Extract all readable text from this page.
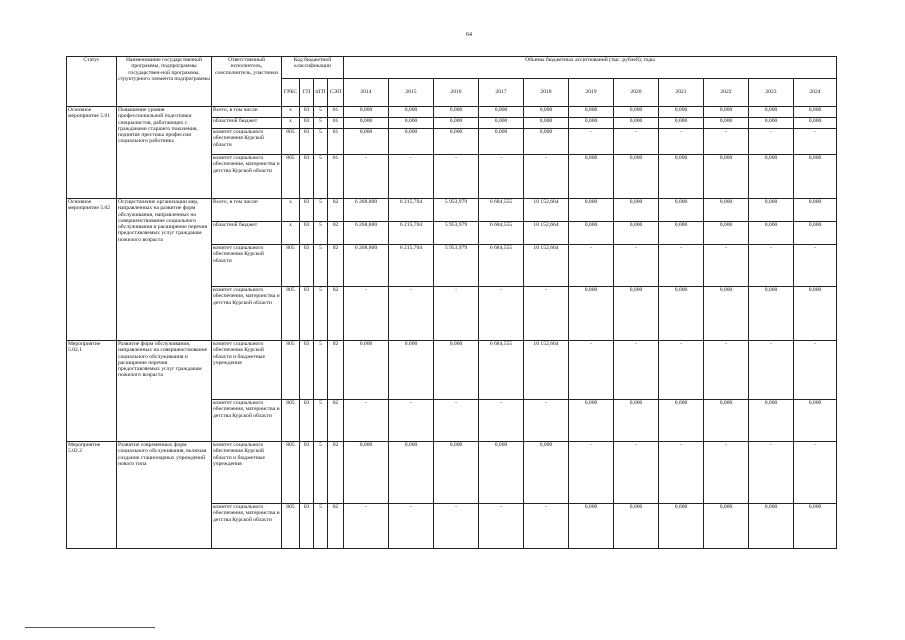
64
Статус	Наименование государственной программы, подпрограммы государствен-ной программы, структурного элемента подпрограммы	Ответственный исполнитель, соисполнитель, участники	Код бюджетной классификации				Объемы бюджетных ассигнований (тыс. рублей), годы										
			ГРБС	ГП	пГП	СЭП	2014	2015	2016	2017	2018	2019	2020	2021	2022	2023	2024
Основное мероприятие 5.01	Повышение уровня профессиональной подготовки специалистов, работающих с гражданами старшего поколения, поднятие престижа профессии социального работника	Всего, в том числе:	x	03	5	01	0,000	0,000	0,000	0,000	0,000	0,000	0,000	0,000	0,000	0,000	0,000
		областной бюджет	x	03	5	01	0,000	0,000	0,000	0,000	0,000	0,000	0,000	0,000	0,000	0,000	0,000
		комитет социального обеспечения Курской области	805	03	5	01	0,000	0,000	0,000	0,000	0,000	-	-	-	-	-	-
		комитет социального обеспечения, материнства и детства Курской области	805	03	5	01	-	-	-	-	-	0,000	0,000	0,000	0,000	0,000	0,000
Основное мероприятие 5.02	Осуществление организации мер, направленных на развитие форм обслуживания, направленных на совершенствование социального обслуживания и расширение перечня предоставляемых услуг гражданам пожилого возраста	Всего, в том числе:	x	03	5	02	6 268,800	6 215,704	5 953,979	6 684,555	10 152,664	0,000	0,000	0,000	0,000	0,000	0,000
		областной бюджет	x	03	5	02	6 268,800	6 215,704	5 953,979	6 684,555	10 152,664	0,000	0,000	0,000	0,000	0,000	0,000
		комитет социального обеспечения Курской области	805	03	5	02	6 268,800	6 215,704	5 953,979	6 684,555	10 152,664	-	-	-	-	-	-
		комитет социального обеспечения, материнства и детства Курской области	805	03	5	02	-	-	-	-	-	0,000	0,000	0,000	0,000	0,000	0,000
Мероприятие 5.02.1	Развитие форм обслуживания, направленных на совершенствование социального обслуживания и расширение перечня предоставляемых услуг гражданам пожилого возраста	комитет социального обеспечения Курской области и бюджетные учреждения	805	03	5	02	0,000	0,000	0,000	6 684,555	10 152,664	-	-	-	-	-	-
		комитет социального обеспечения, материнства и детства Курской области	805	03	5	02	-	-	-	-	-	0,000	0,000	0,000	0,000	0,000	0,000
Мероприятие 5.02.2	Развитие современных форм социального обслуживания, включая создание стационарных учреждений нового типа	комитет социального обеспечения Курской области и бюджетные учреждения	805	03	5	02	0,000	0,000	0,000	0,000	0,000	-	-	-	-	-	-
		комитет социального обеспечения, материнства и детства Курской области	805	03	5	02	-	-	-	-	-	0,000	0,000	0,000	0,000	0,000	0,000
